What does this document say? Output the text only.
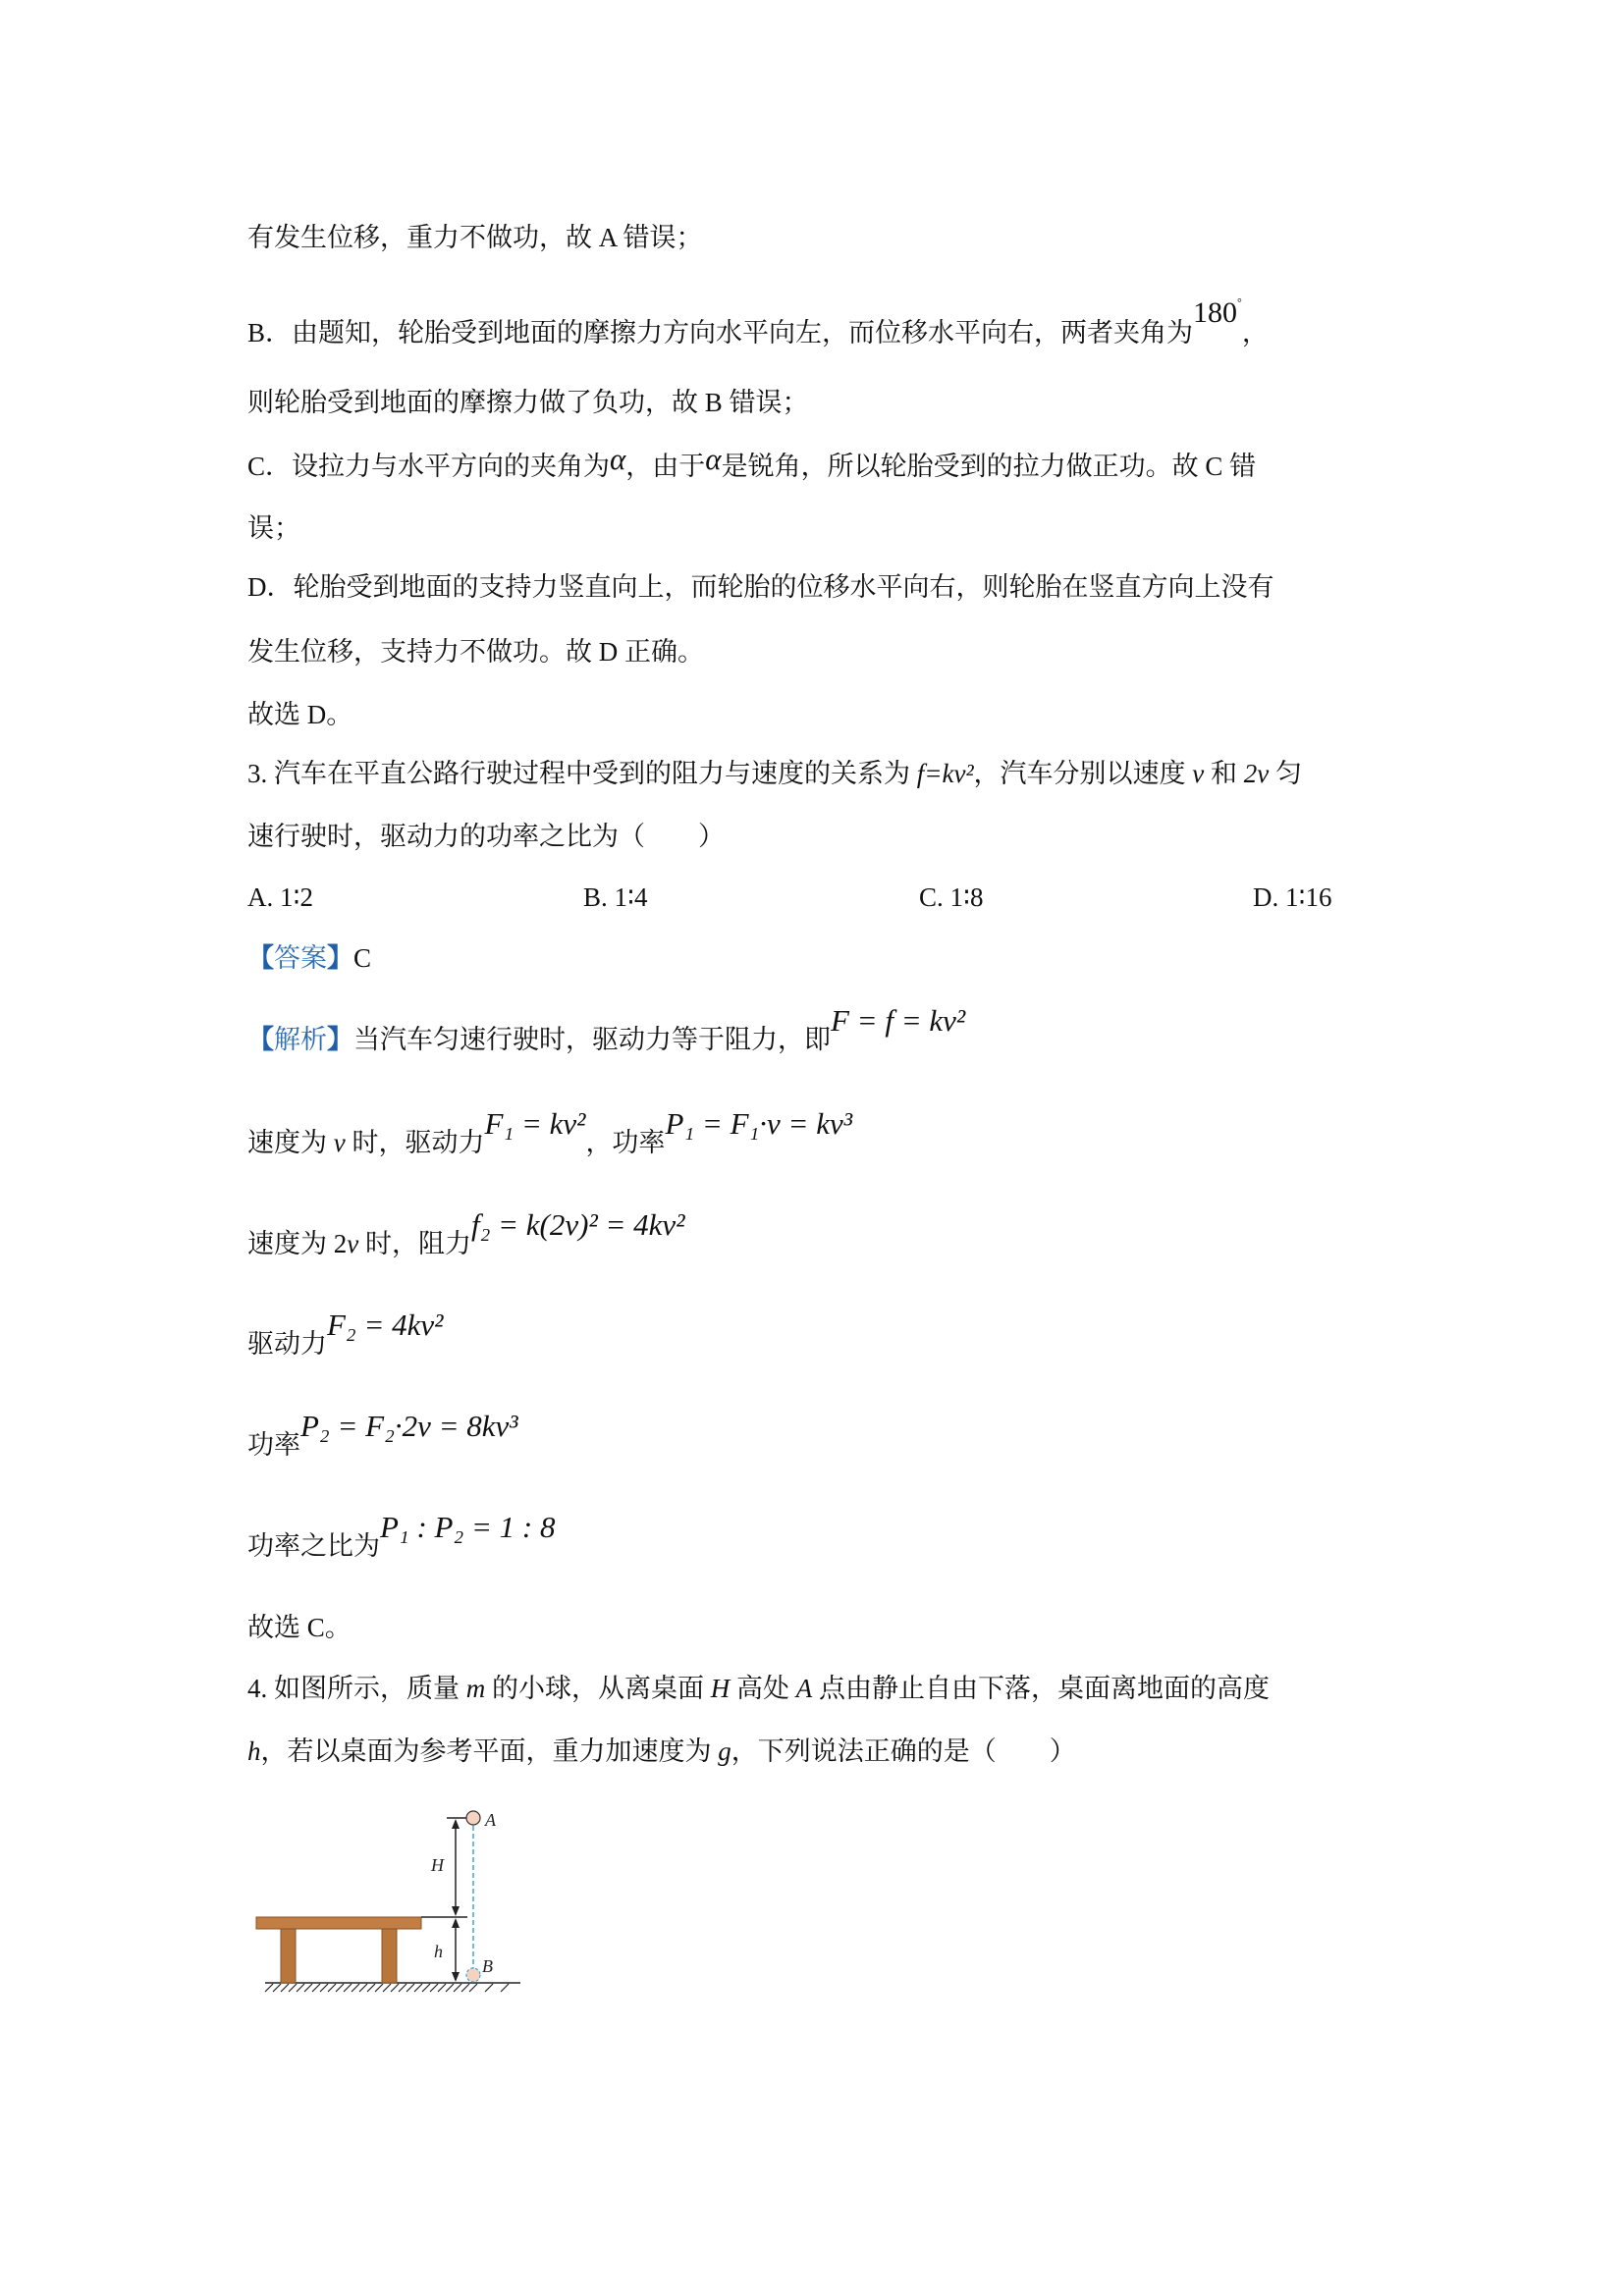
有发生位移，重力不做功，故 A 错误；
B．由题知，轮胎受到地面的摩擦力方向水平向左，而位移水平向右，两者夹角为180°，
则轮胎受到地面的摩擦力做了负功，故 B 错误；
C．设拉力与水平方向的夹角为α，由于α是锐角，所以轮胎受到的拉力做正功。故 C 错
误；
D．轮胎受到地面的支持力竖直向上，而轮胎的位移水平向右，则轮胎在竖直方向上没有
发生位移，支持力不做功。故 D 正确。
故选 D。
3. 汽车在平直公路行驶过程中受到的阻力与速度的关系为 f=kv²，汽车分别以速度 v 和 2v 匀
速行驶时，驱动力的功率之比为（　　）
A. 1∶2	B. 1∶4	C. 1∶8	D. 1∶16
【答案】C
【解析】当汽车匀速行驶时，驱动力等于阻力，即F = f = kv²
速度为 v 时，驱动力F₁ = kv²，功率P₁ = F₁·v = kv³
速度为 2v 时，阻力f₂ = k(2v)² = 4kv²
驱动力F₂ = 4kv²
功率P₂ = F₂·2v = 8kv³
功率之比为P₁ : P₂ = 1 : 8
故选 C。
4. 如图所示，质量 m 的小球，从离桌面 H 高处 A 点由静止自由下落，桌面离地面的高度
h，若以桌面为参考平面，重力加速度为 g，下列说法正确的是（　　）
A
B
H
h
